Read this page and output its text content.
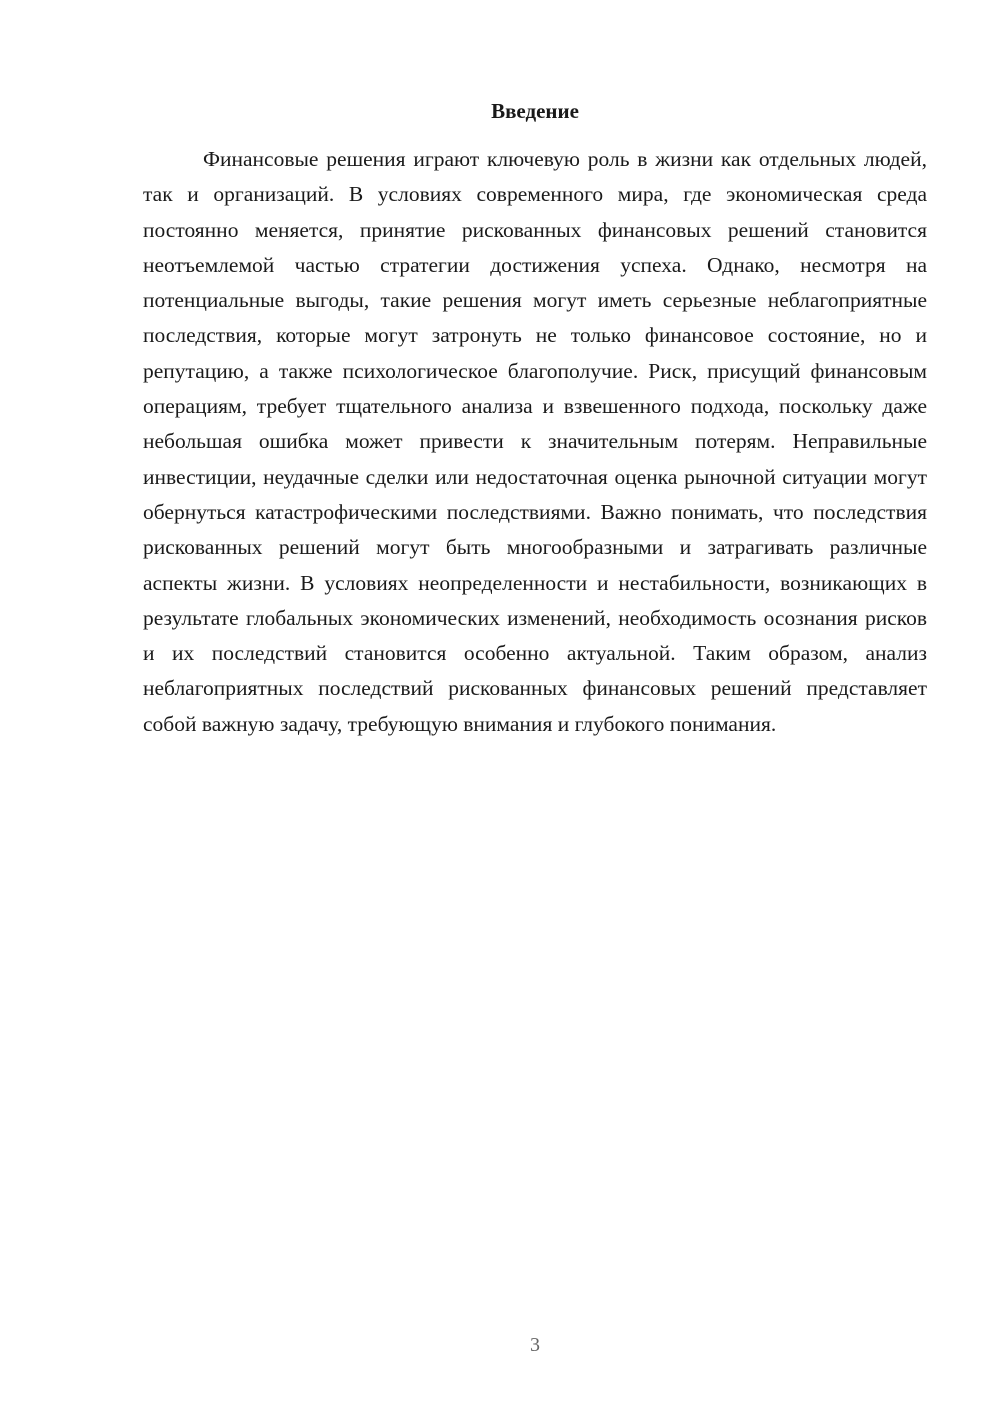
Введение

Финансовые решения играют ключевую роль в жизни как отдельных людей, так и организаций. В условиях современного мира, где экономическая среда постоянно меняется, принятие рискованных финансовых решений становится неотъемлемой частью стратегии достижения успеха. Однако, несмотря на потенциальные выгоды, такие решения могут иметь серьезные неблагоприятные последствия, которые могут затронуть не только финансовое состояние, но и репутацию, а также психологическое благополучие. Риск, присущий финансовым операциям, требует тщательного анализа и взвешенного подхода, поскольку даже небольшая ошибка может привести к значительным потерям. Неправильные инвестиции, неудачные сделки или недостаточная оценка рыночной ситуации могут обернуться катастрофическими последствиями. Важно понимать, что последствия рискованных решений могут быть многообразными и затрагивать различные аспекты жизни. В условиях неопределенности и нестабильности, возникающих в результате глобальных экономических изменений, необходимость осознания рисков и их последствий становится особенно актуальной. Таким образом, анализ неблагоприятных последствий рискованных финансовых решений представляет собой важную задачу, требующую внимания и глубокого понимания.

3
